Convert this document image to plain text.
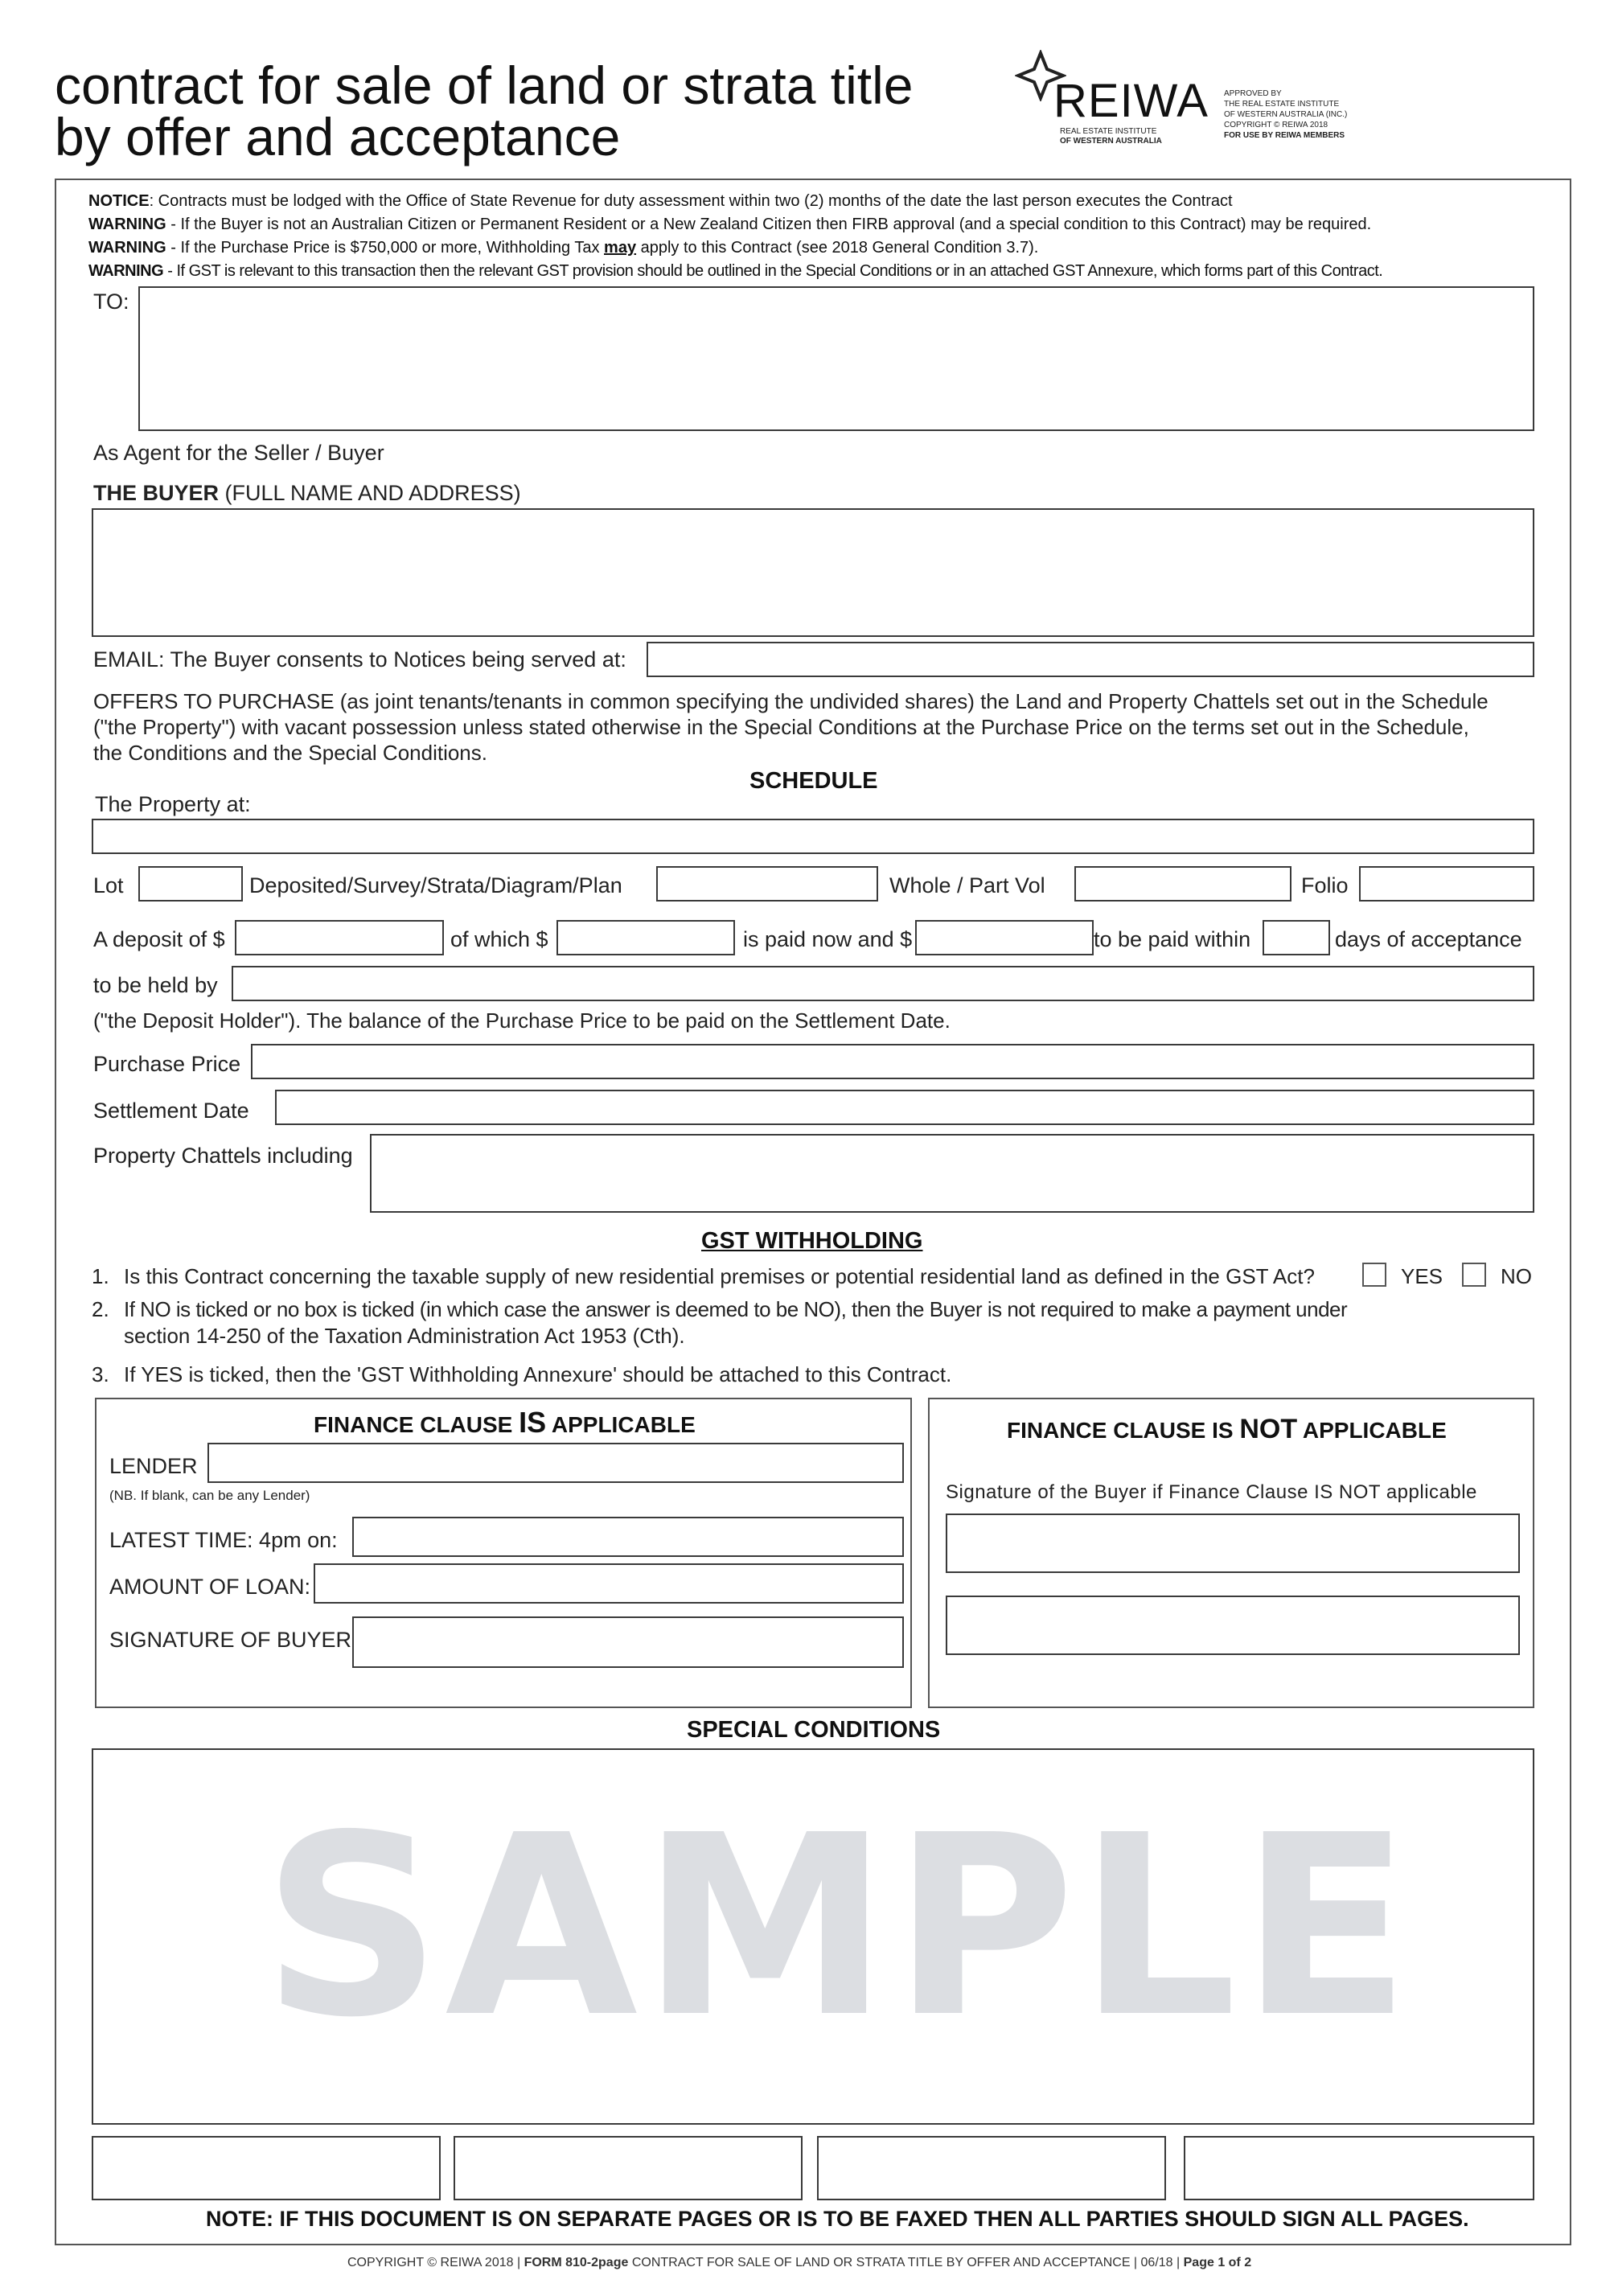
contract for sale of land or strata title
by offer and acceptance
REIWA
REAL ESTATE INSTITUTE
OF WESTERN AUSTRALIA
APPROVED BY
THE REAL ESTATE INSTITUTE
OF WESTERN AUSTRALIA (INC.)
COPYRIGHT © REIWA 2018
FOR USE BY REIWA MEMBERS
NOTICE: Contracts must be lodged with the Office of State Revenue for duty assessment within two (2) months of the date the last person executes the Contract
WARNING - If the Buyer is not an Australian Citizen or Permanent Resident or a New Zealand Citizen then FIRB approval (and a special condition to this Contract) may be required.
WARNING - If the Purchase Price is $750,000 or more, Withholding Tax may apply to this Contract (see 2018 General Condition 3.7).
WARNING - If GST is relevant to this transaction then the relevant GST provision should be outlined in the Special Conditions or in an attached GST Annexure, which forms part of this Contract.
TO:
As Agent for the Seller / Buyer
THE BUYER (FULL NAME AND ADDRESS)
EMAIL: The Buyer consents to Notices being served at:
OFFERS TO PURCHASE (as joint tenants/tenants in common specifying the undivided shares) the Land and Property Chattels set out in the Schedule
("the Property") with vacant possession unless stated otherwise in the Special Conditions at the Purchase Price on the terms set out in the Schedule,
the Conditions and the Special Conditions.
SCHEDULE
The Property at:
Lot	Deposited/Survey/Strata/Diagram/Plan	Whole / Part Vol	Folio
A deposit of $	of which $	is paid now and $	to be paid within	days of acceptance
to be held by
("the Deposit Holder"). The balance of the Purchase Price to be paid on the Settlement Date.
Purchase Price
Settlement Date
Property Chattels including
GST WITHHOLDING
1. Is this Contract concerning the taxable supply of new residential premises or potential residential land as defined in the GST Act?	YES	NO
2. If NO is ticked or no box is ticked (in which case the answer is deemed to be NO), then the Buyer is not required to make a payment under
section 14-250 of the Taxation Administration Act 1953 (Cth).
3. If YES is ticked, then the 'GST Withholding Annexure' should be attached to this Contract.
FINANCE CLAUSE IS APPLICABLE
LENDER
(NB. If blank, can be any Lender)
LATEST TIME: 4pm on:
AMOUNT OF LOAN:
SIGNATURE OF BUYER
FINANCE CLAUSE IS NOT APPLICABLE
Signature of the Buyer if Finance Clause IS NOT applicable
SPECIAL CONDITIONS
SAMPLE
NOTE: IF THIS DOCUMENT IS ON SEPARATE PAGES OR IS TO BE FAXED THEN ALL PARTIES SHOULD SIGN ALL PAGES.
COPYRIGHT © REIWA 2018 | FORM 810-2page CONTRACT FOR SALE OF LAND OR STRATA TITLE BY OFFER AND ACCEPTANCE | 06/18 | Page 1 of 2
